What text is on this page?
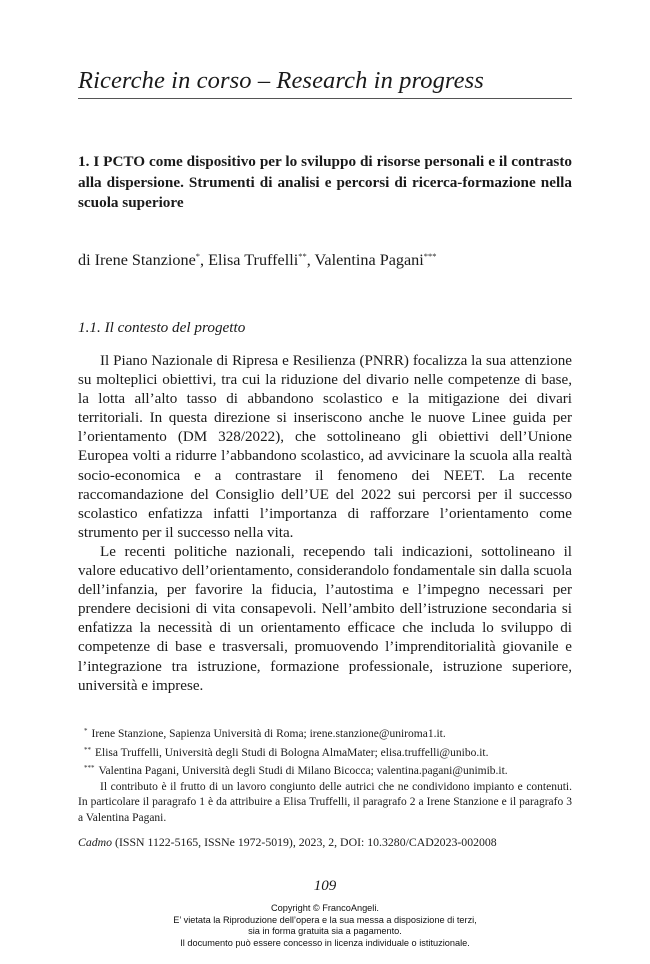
Ricerche in corso – Research in progress
1. I PCTO come dispositivo per lo sviluppo di risorse personali e il contrasto alla dispersione. Strumenti di analisi e percorsi di ricerca-formazione nella scuola superiore
di Irene Stanzione*, Elisa Truffelli**, Valentina Pagani***
1.1. Il contesto del progetto

Il Piano Nazionale di Ripresa e Resilienza (PNRR) focalizza la sua attenzione su molteplici obiettivi, tra cui la riduzione del divario nelle competenze di base, la lotta all’alto tasso di abbandono scolastico e la mitigazione dei divari territoriali. In questa direzione si inseriscono anche le nuove Linee guida per l’orientamento (DM 328/2022), che sottolineano gli obiettivi dell’Unione Europea volti a ridurre l’abbandono scolastico, ad avvicinare la scuola alla realtà socio-economica e a contrastare il fenomeno dei NEET. La recente raccomandazione del Consiglio dell’UE del 2022 sui percorsi per il successo scolastico enfatizza infatti l’importanza di rafforzare l’orientamento come strumento per il successo nella vita.

Le recenti politiche nazionali, recependo tali indicazioni, sottolineano il valore educativo dell’orientamento, considerandolo fondamentale sin dalla scuola dell’infanzia, per favorire la fiducia, l’autostima e l’impegno necessari per prendere decisioni di vita consapevoli. Nell’ambito dell’istruzione secondaria si enfatizza la necessità di un orientamento efficace che includa lo sviluppo di competenze di base e trasversali, promuovendo l’imprenditorialità giovanile e l’integrazione tra istruzione, formazione professionale, istruzione superiore, università e imprese.

* Irene Stanzione, Sapienza Università di Roma; irene.stanzione@uniroma1.it.
** Elisa Truffelli, Università degli Studi di Bologna AlmaMater; elisa.truffelli@unibo.it.
*** Valentina Pagani, Università degli Studi di Milano Bicocca; valentina.pagani@unimib.it.
Il contributo è il frutto di un lavoro congiunto delle autrici che ne condividono impianto e contenuti. In particolare il paragrafo 1 è da attribuire a Elisa Truffelli, il paragrafo 2 a Irene Stanzione e il paragrafo 3 a Valentina Pagani.
Cadmo (ISSN 1122-5165, ISSNe 1972-5019), 2023, 2, DOI: 10.3280/CAD2023-002008
109
Copyright © FrancoAngeli.
E’ vietata la Riproduzione dell’opera e la sua messa a disposizione di terzi,
sia in forma gratuita sia a pagamento.
Il documento può essere concesso in licenza individuale o istituzionale.
